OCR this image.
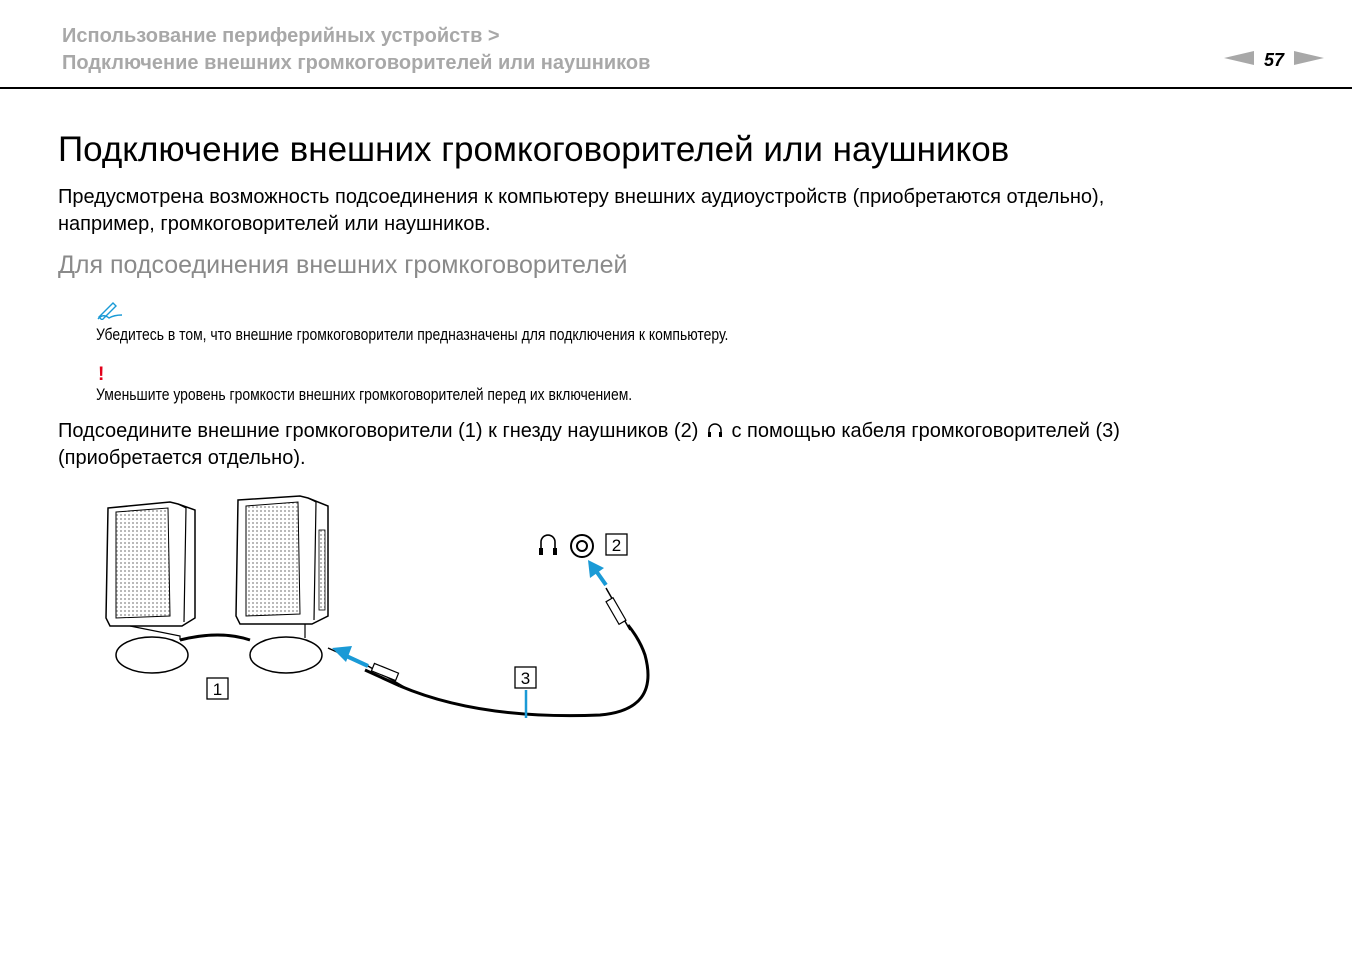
Использование периферийных устройств >
Подключение внешних громкоговорителей или наушников	57
Подключение внешних громкоговорителей или наушников
Предусмотрена возможность подсоединения к компьютеру внешних аудиоустройств (приобретаются отдельно),
например, громкоговорителей или наушников.
Для подсоединения внешних громкоговорителей
Убедитесь в том, что внешние громкоговорители предназначены для подключения к компьютеру.
!
Уменьшите уровень громкости внешних громкоговорителей перед их включением.
Подсоедините внешние громкоговорители (1) к гнезду наушников (2) с помощью кабеля громкоговорителей (3)
(приобретается отдельно).
1
2
3
